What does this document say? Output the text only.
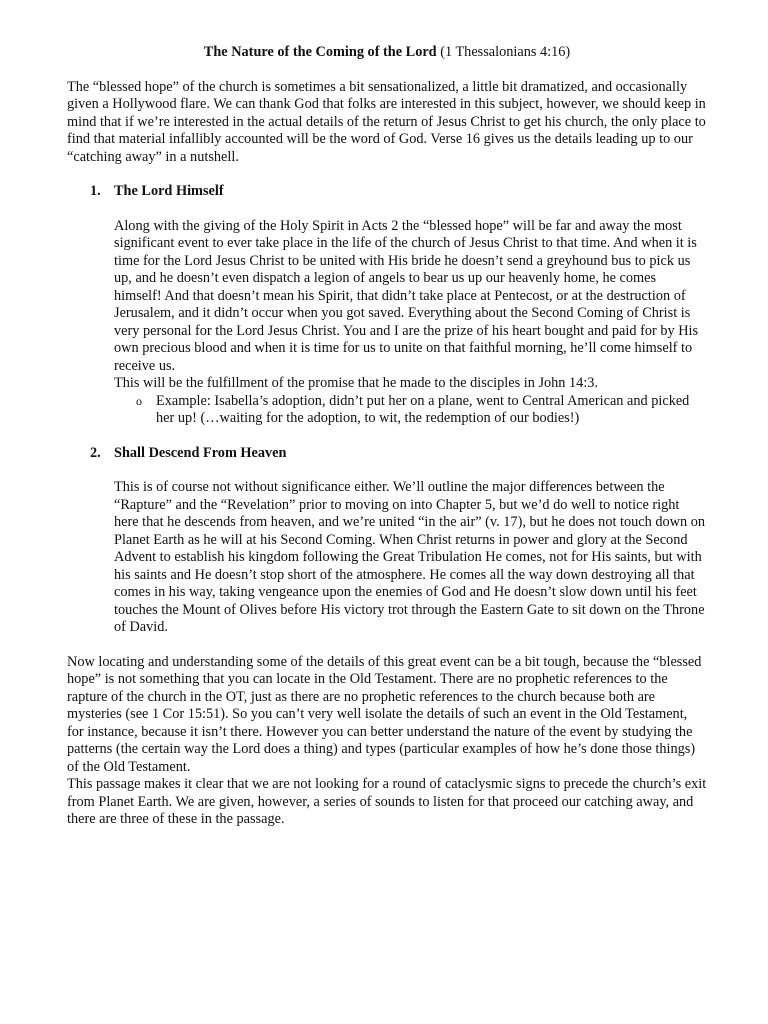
The Nature of the Coming of the Lord (1 Thessalonians 4:16)

The “blessed hope” of the church is sometimes a bit sensationalized, a little bit dramatized, and occasionally given a Hollywood flare. We can thank God that folks are interested in this subject, however, we should keep in mind that if we’re interested in the actual details of the return of Jesus Christ to get his church, the only place to find that material infallibly accounted will be the word of God. Verse 16 gives us the details leading up to our “catching away” in a nutshell.

1. The Lord Himself

Along with the giving of the Holy Spirit in Acts 2 the “blessed hope” will be far and away the most significant event to ever take place in the life of the church of Jesus Christ to that time. And when it is time for the Lord Jesus Christ to be united with His bride he doesn’t send a greyhound bus to pick us up, and he doesn’t even dispatch a legion of angels to bear us up our heavenly home, he comes himself! And that doesn’t mean his Spirit, that didn’t take place at Pentecost, or at the destruction of Jerusalem, and it didn’t occur when you got saved. Everything about the Second Coming of Christ is very personal for the Lord Jesus Christ. You and I are the prize of his heart bought and paid for by His own precious blood and when it is time for us to unite on that faithful morning, he’ll come himself to receive us.

This will be the fulfillment of the promise that he made to the disciples in John 14:3.

o Example: Isabella’s adoption, didn’t put her on a plane, went to Central American and picked her up! (…waiting for the adoption, to wit, the redemption of our bodies!)

2. Shall Descend From Heaven

This is of course not without significance either. We’ll outline the major differences between the “Rapture” and the “Revelation” prior to moving on into Chapter 5, but we’d do well to notice right here that he descends from heaven, and we’re united “in the air” (v. 17), but he does not touch down on Planet Earth as he will at his Second Coming. When Christ returns in power and glory at the Second Advent to establish his kingdom following the Great Tribulation He comes, not for His saints, but with his saints and He doesn’t stop short of the atmosphere. He comes all the way down destroying all that comes in his way, taking vengeance upon the enemies of God and He doesn’t slow down until his feet touches the Mount of Olives before His victory trot through the Eastern Gate to sit down on the Throne of David.

Now locating and understanding some of the details of this great event can be a bit tough, because the “blessed hope” is not something that you can locate in the Old Testament. There are no prophetic references to the rapture of the church in the OT, just as there are no prophetic references to the church because both are mysteries (see 1 Cor 15:51). So you can’t very well isolate the details of such an event in the Old Testament, for instance, because it isn’t there. However you can better understand the nature of the event by studying the patterns (the certain way the Lord does a thing) and types (particular examples of how he’s done those things) of the Old Testament.

This passage makes it clear that we are not looking for a round of cataclysmic signs to precede the church’s exit from Planet Earth. We are given, however, a series of sounds to listen for that proceed our catching away, and there are three of these in the passage.
